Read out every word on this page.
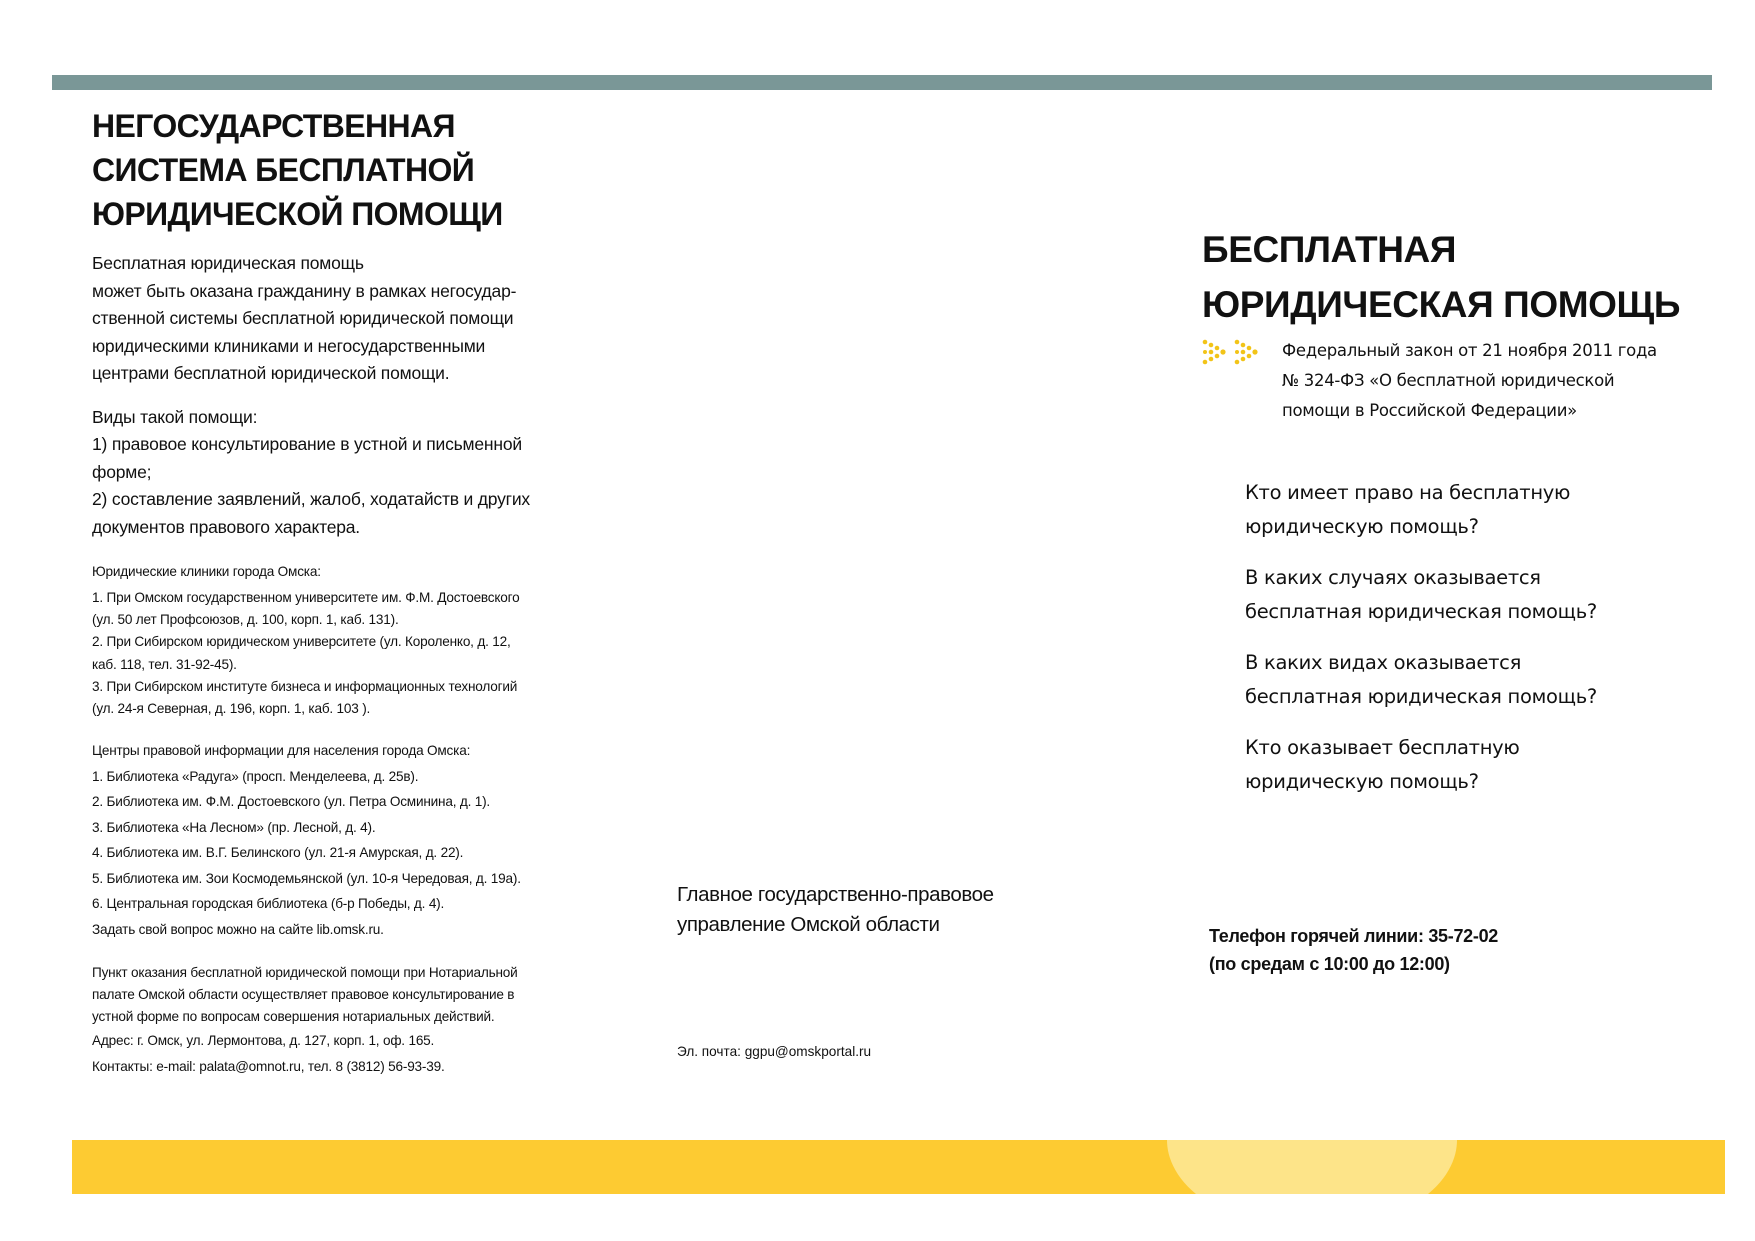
НЕГОСУДАРСТВЕННАЯ
СИСТЕМА БЕСПЛАТНОЙ
ЮРИДИЧЕСКОЙ ПОМОЩИ
Бесплатная юридическая помощь
может быть оказана гражданину в рамках негосудар-
ственной системы бесплатной юридической помощи
юридическими клиниками и негосударственными
центрами бесплатной юридической помощи.
Виды такой помощи:
1) правовое консультирование в устной и письменной
форме;
2) составление заявлений, жалоб, ходатайств и других
документов правового характера.
Юридические клиники города Омска:
1. При Омском государственном университете им. Ф.М. Достоевского
(ул. 50 лет Профсоюзов, д. 100, корп. 1, каб. 131).
2. При Сибирском юридическом университете (ул. Короленко, д. 12,
каб. 118, тел. 31-92-45).
3. При Сибирском институте бизнеса и информационных технологий
(ул. 24-я Северная, д. 196, корп. 1, каб. 103 ).
Центры правовой информации для населения города Омска:
1. Библиотека «Радуга» (просп. Менделеева, д. 25в).
2. Библиотека им. Ф.М. Достоевского (ул. Петра Осминина, д. 1).
3. Библиотека «На Лесном» (пр. Лесной, д. 4).
4. Библиотека им. В.Г. Белинского (ул. 21-я Амурская, д. 22).
5. Библиотека им. Зои Космодемьянской (ул. 10-я Чередовая, д. 19а).
6. Центральная городская библиотека (б-р Победы, д. 4).
Задать свой вопрос можно на сайте lib.omsk.ru.
Пункт оказания бесплатной юридической помощи при Нотариальной
палате Омской области осуществляет правовое консультирование в
устной форме по вопросам совершения нотариальных действий.
Адрес: г. Омск, ул. Лермонтова, д. 127, корп. 1, оф. 165.
Контакты: e-mail: palata@omnot.ru, тел. 8 (3812) 56-93-39.
Главное государственно-правовое
управление Омской области
Эл. почта: ggpu@omskportal.ru
БЕСПЛАТНАЯ
ЮРИДИЧЕСКАЯ ПОМОЩЬ
Федеральный закон от 21 ноября 2011 года
№ 324-ФЗ «О бесплатной юридической
помощи в Российской Федерации»
Кто имеет право на бесплатную
юридическую помощь?
В каких случаях оказывается
бесплатная юридическая помощь?
В каких видах оказывается
бесплатная юридическая помощь?
Кто оказывает бесплатную
юридическую помощь?
Телефон горячей линии: 35-72-02
(по средам с 10:00 до 12:00)
